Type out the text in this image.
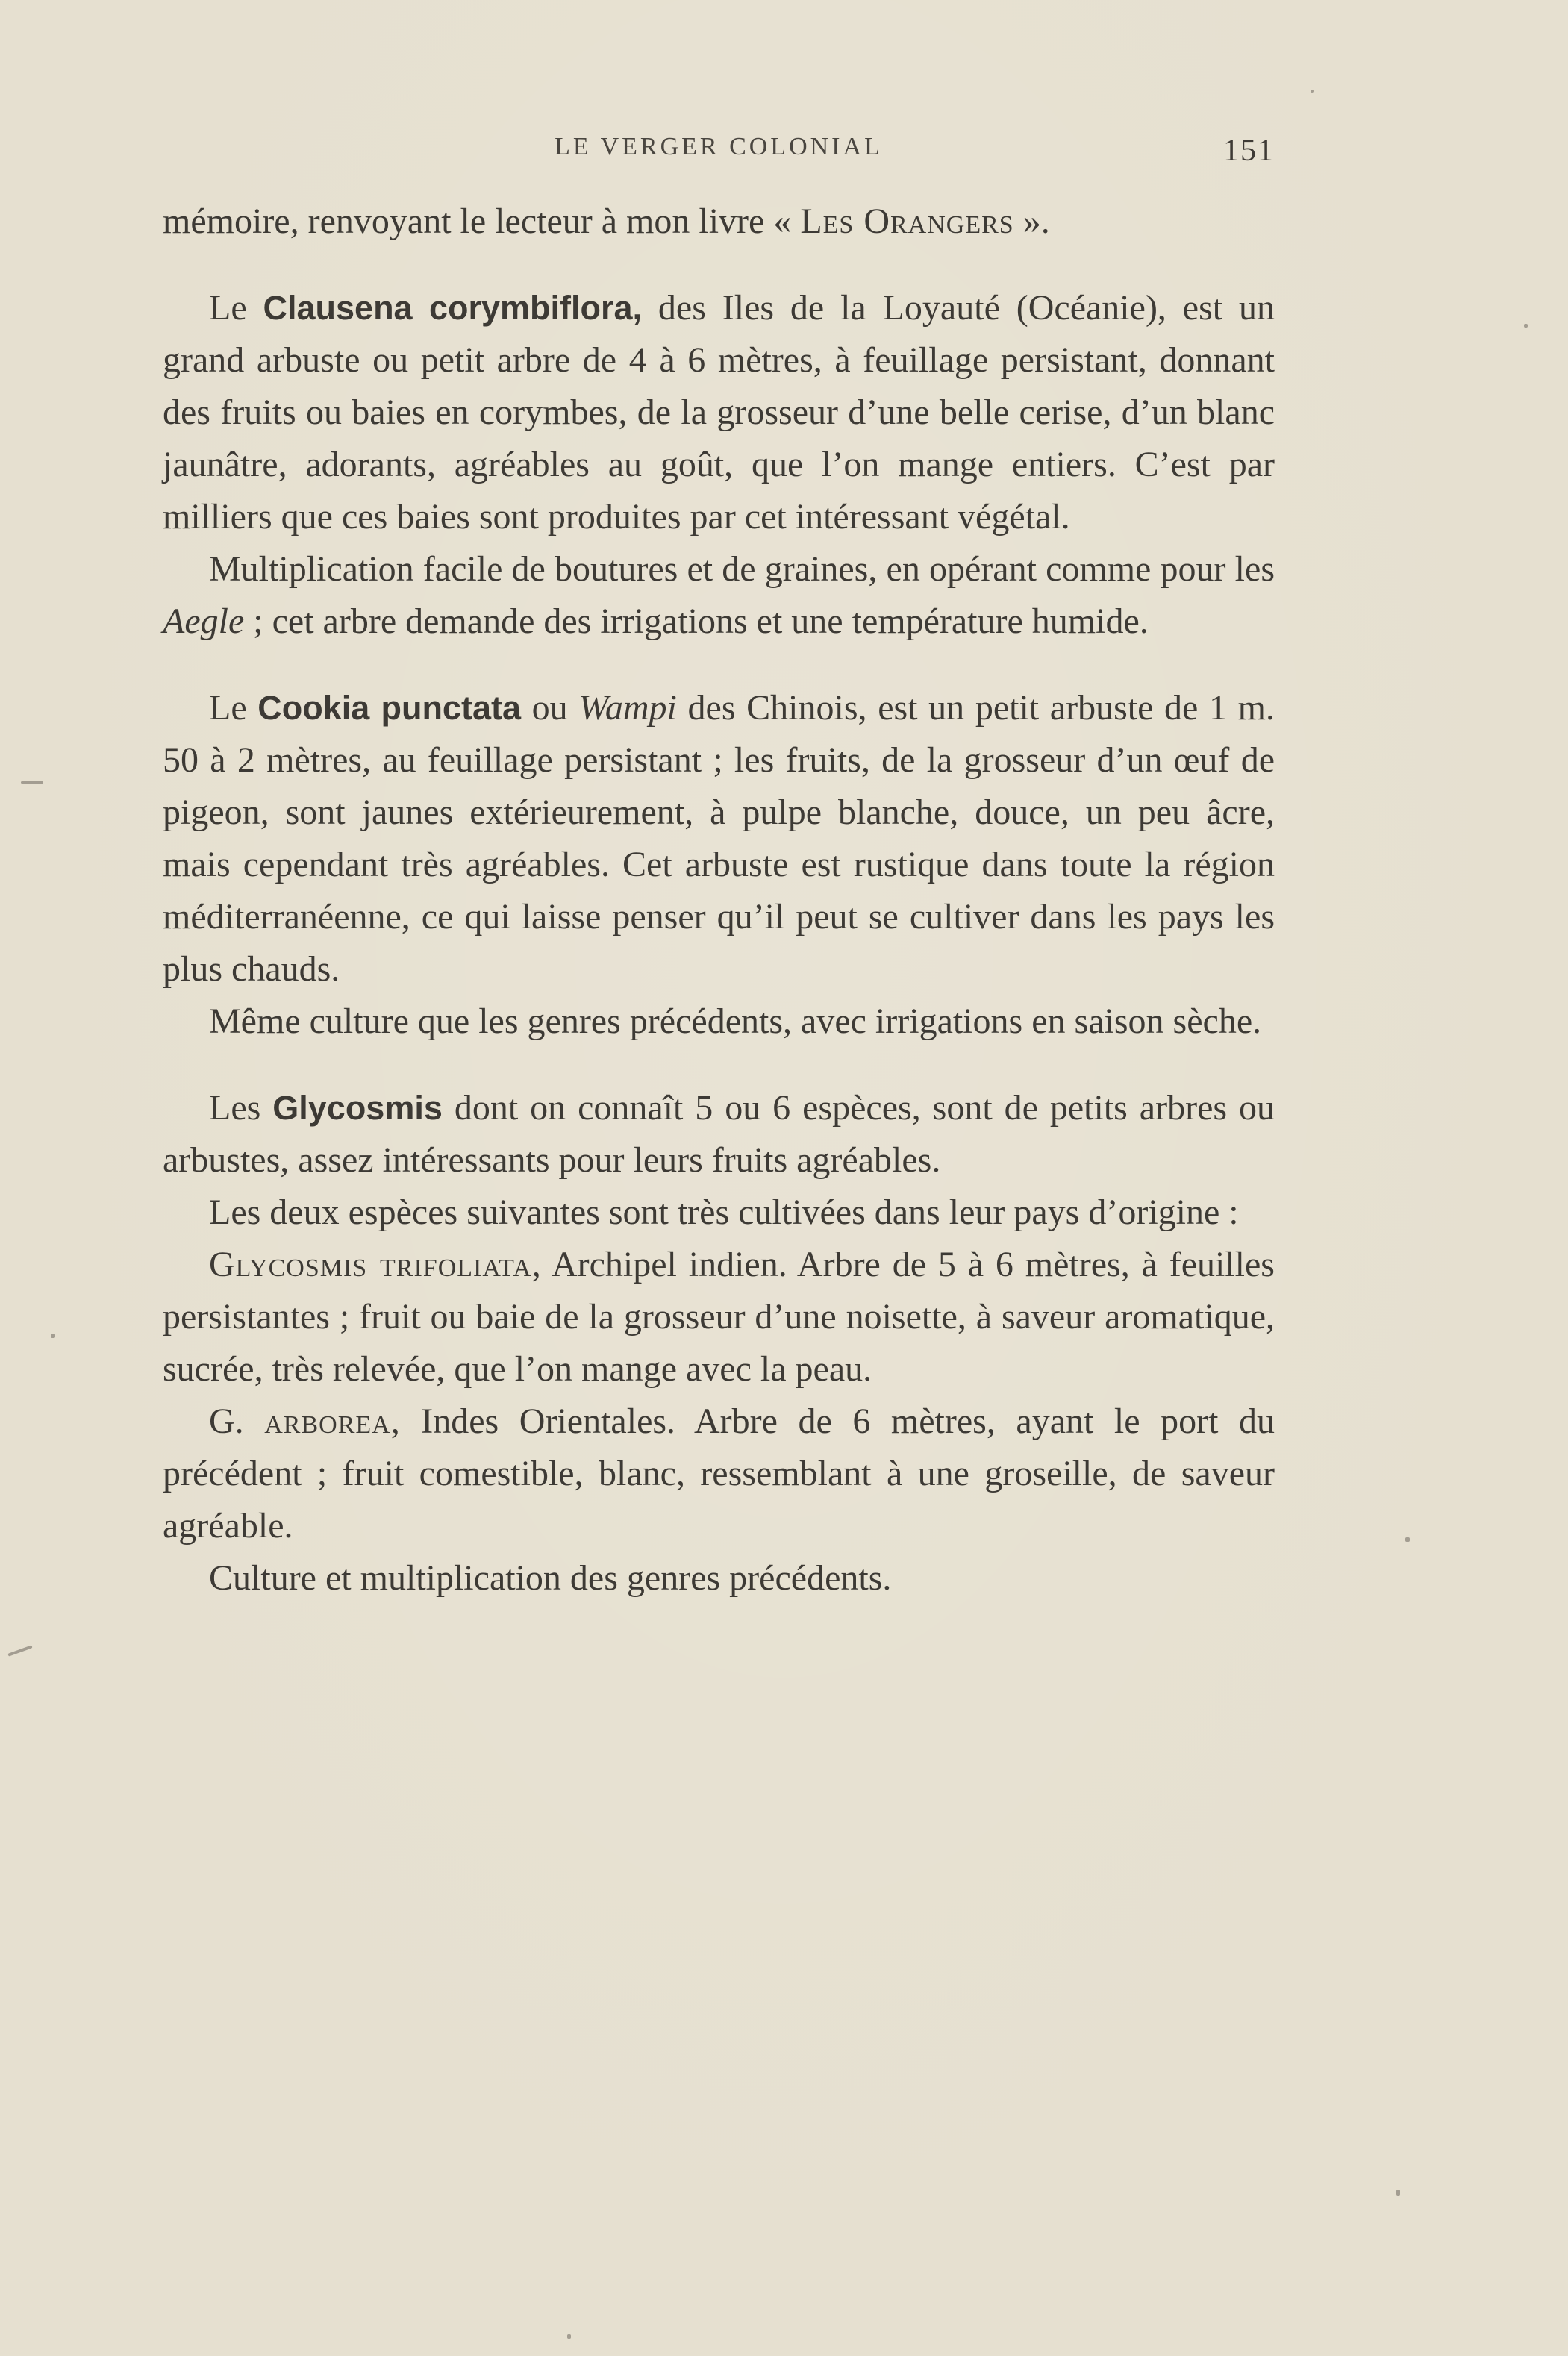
LE VERGER COLONIAL	151

mémoire, renvoyant le lecteur à mon livre « Les Orangers ».

Le Clausena corymbiflora, des Iles de la Loyauté (Océanie), est un grand arbuste ou petit arbre de 4 à 6 mètres, à feuillage persistant, donnant des fruits ou baies en corymbes, de la grosseur d’une belle cerise, d’un blanc jaunâtre, adorants, agréables au goût, que l’on mange entiers. C’est par milliers que ces baies sont produites par cet intéressant végétal.

Multiplication facile de boutures et de graines, en opérant comme pour les Aegle ; cet arbre demande des irrigations et une température humide.

Le Cookia punctata ou Wampi des Chinois, est un petit arbuste de 1 m. 50 à 2 mètres, au feuillage persistant ; les fruits, de la grosseur d’un œuf de pigeon, sont jaunes extérieurement, à pulpe blanche, douce, un peu âcre, mais cependant très agréables. Cet arbuste est rustique dans toute la région méditerranéenne, ce qui laisse penser qu’il peut se cultiver dans les pays les plus chauds.

Même culture que les genres précédents, avec irrigations en saison sèche.

Les Glycosmis dont on connaît 5 ou 6 espèces, sont de petits arbres ou arbustes, assez intéressants pour leurs fruits agréables.

Les deux espèces suivantes sont très cultivées dans leur pays d’origine :

Glycosmis trifoliata, Archipel indien. Arbre de 5 à 6 mètres, à feuilles persistantes ; fruit ou baie de la grosseur d’une noisette, à saveur aromatique, sucrée, très relevée, que l’on mange avec la peau.

G. arborea, Indes Orientales. Arbre de 6 mètres, ayant le port du précédent ; fruit comestible, blanc, ressemblant à une groseille, de saveur agréable.

Culture et multiplication des genres précédents.
